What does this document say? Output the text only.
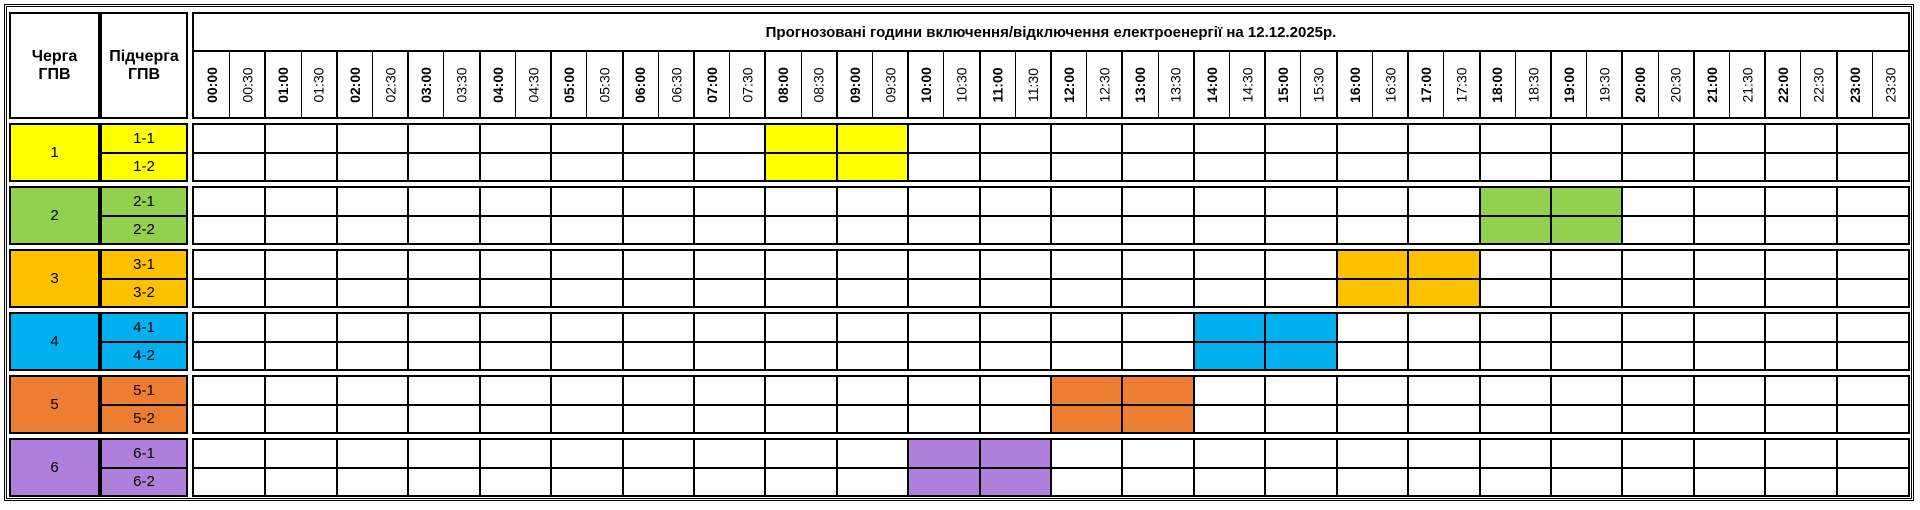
Черга
ГПВ
Підчерга
ГПВ
Прогнозовані години включення/відключення електроенергії на 12.12.2025р.
00:00 00:30 01:00 01:30 02:00 02:30 03:00 03:30 04:00 04:30 05:00 05:30 06:00 06:30 07:00 07:30 08:00 08:30 09:00 09:30 10:00 10:30 11:00 11:30 12:00 12:30 13:00 13:30 14:00 14:30 15:00 15:30 16:00 16:30 17:00 17:30 18:00 18:30 19:00 19:30 20:00 20:30 21:00 21:30 22:00 22:30 23:00 23:30
1
1-1
1-2
2
2-1
2-2
3
3-1
3-2
4
4-1
4-2
5
5-1
5-2
6
6-1
6-2
